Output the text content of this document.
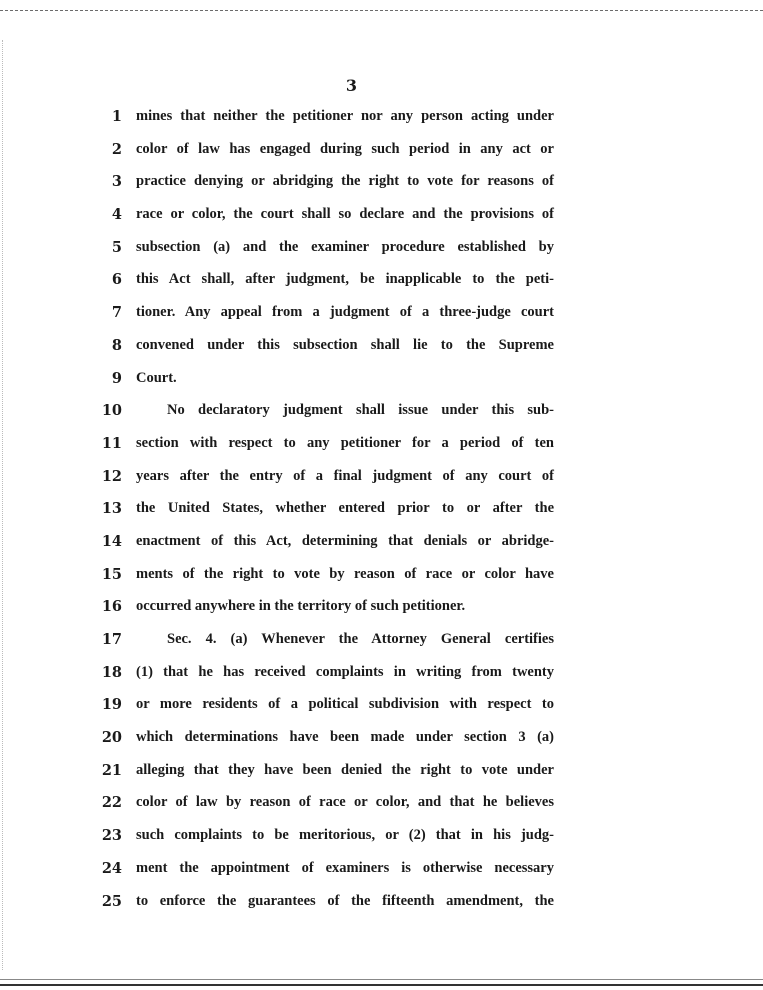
3
1 mines that neither the petitioner nor any person acting under
2 color of law has engaged during such period in any act or
3 practice denying or abridging the right to vote for reasons of
4 race or color, the court shall so declare and the provisions of
5 subsection (a) and the examiner procedure established by
6 this Act shall, after judgment, be inapplicable to the peti-
7 tioner. Any appeal from a judgment of a three-judge court
8 convened under this subsection shall lie to the Supreme
9 Court.
10	No declaratory judgment shall issue under this sub-
11 section with respect to any petitioner for a period of ten
12 years after the entry of a final judgment of any court of
13 the United States, whether entered prior to or after the
14 enactment of this Act, determining that denials or abridge-
15 ments of the right to vote by reason of race or color have
16 occurred anywhere in the territory of such petitioner.
17	Sec. 4. (a) Whenever the Attorney General certifies
18 (1) that he has received complaints in writing from twenty
19 or more residents of a political subdivision with respect to
20 which determinations have been made under section 3 (a)
21 alleging that they have been denied the right to vote under
22 color of law by reason of race or color, and that he believes
23 such complaints to be meritorious, or (2) that in his judg-
24 ment the appointment of examiners is otherwise necessary
25 to enforce the guarantees of the fifteenth amendment, the
